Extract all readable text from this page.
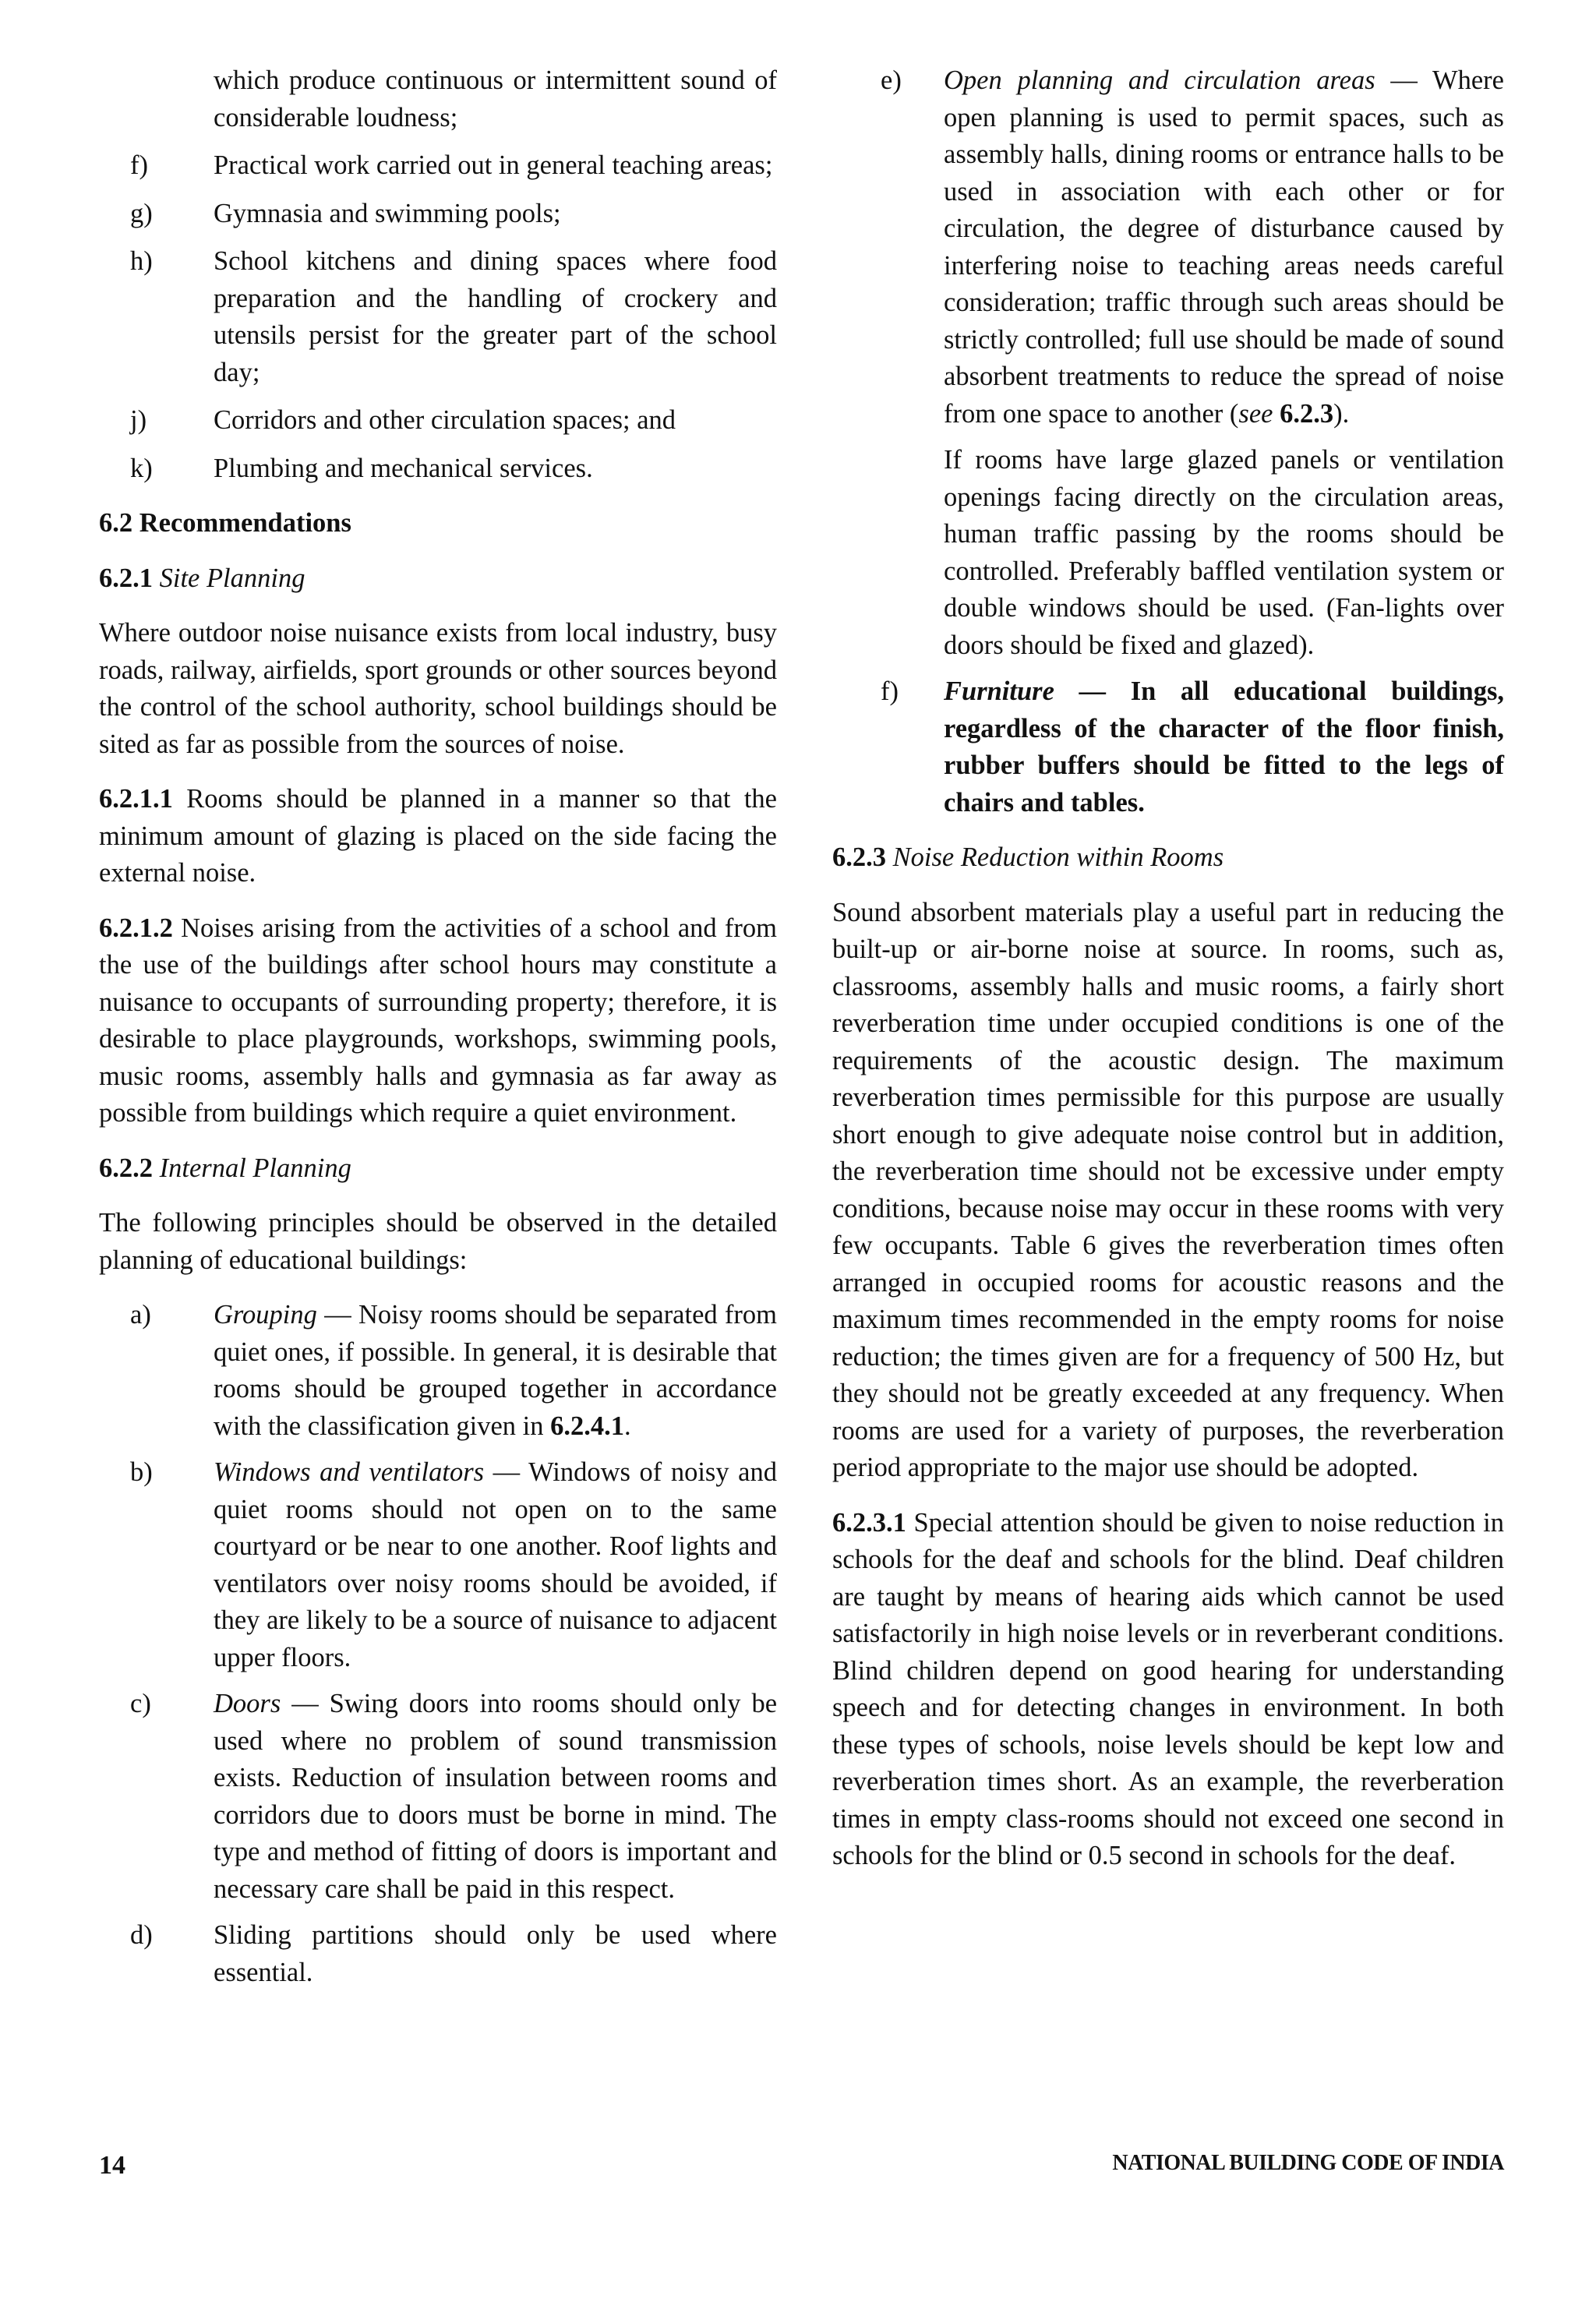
which produce continuous or intermittent sound of considerable loudness;

f) Practical work carried out in general teaching areas;

g) Gymnasia and swimming pools;

h) School kitchens and dining spaces where food preparation and the handling of crockery and utensils persist for the greater part of the school day;

j) Corridors and other circulation spaces; and

k) Plumbing and mechanical services.

6.2 Recommendations

6.2.1 Site Planning

Where outdoor noise nuisance exists from local industry, busy roads, railway, airfields, sport grounds or other sources beyond the control of the school authority, school buildings should be sited as far as possible from the sources of noise.

6.2.1.1 Rooms should be planned in a manner so that the minimum amount of glazing is placed on the side facing the external noise.

6.2.1.2 Noises arising from the activities of a school and from the use of the buildings after school hours may constitute a nuisance to occupants of surrounding property; therefore, it is desirable to place playgrounds, workshops, swimming pools, music rooms, assembly halls and gymnasia as far away as possible from buildings which require a quiet environment.

6.2.2 Internal Planning

The following principles should be observed in the detailed planning of educational buildings:

a) Grouping — Noisy rooms should be separated from quiet ones, if possible. In general, it is desirable that rooms should be grouped together in accordance with the classification given in 6.2.4.1.

b) Windows and ventilators — Windows of noisy and quiet rooms should not open on to the same courtyard or be near to one another. Roof lights and ventilators over noisy rooms should be avoided, if they are likely to be a source of nuisance to adjacent upper floors.

c) Doors — Swing doors into rooms should only be used where no problem of sound transmission exists. Reduction of insulation between rooms and corridors due to doors must be borne in mind. The type and method of fitting of doors is important and necessary care shall be paid in this respect.

d) Sliding partitions should only be used where essential.

e) Open planning and circulation areas — Where open planning is used to permit spaces, such as assembly halls, dining rooms or entrance halls to be used in association with each other or for circulation, the degree of disturbance caused by interfering noise to teaching areas needs careful consideration; traffic through such areas should be strictly controlled; full use should be made of sound absorbent treatments to reduce the spread of noise from one space to another (see 6.2.3).

If rooms have large glazed panels or ventilation openings facing directly on the circulation areas, human traffic passing by the rooms should be controlled. Preferably baffled ventilation system or double windows should be used. (Fan-lights over doors should be fixed and glazed).

f) Furniture — In all educational buildings, regardless of the character of the floor finish, rubber buffers should be fitted to the legs of chairs and tables.

6.2.3 Noise Reduction within Rooms

Sound absorbent materials play a useful part in reducing the built-up or air-borne noise at source. In rooms, such as, classrooms, assembly halls and music rooms, a fairly short reverberation time under occupied conditions is one of the requirements of the acoustic design. The maximum reverberation times permissible for this purpose are usually short enough to give adequate noise control but in addition, the reverberation time should not be excessive under empty conditions, because noise may occur in these rooms with very few occupants. Table 6 gives the reverberation times often arranged in occupied rooms for acoustic reasons and the maximum times recommended in the empty rooms for noise reduction; the times given are for a frequency of 500 Hz, but they should not be greatly exceeded at any frequency. When rooms are used for a variety of purposes, the reverberation period appropriate to the major use should be adopted.

6.2.3.1 Special attention should be given to noise reduction in schools for the deaf and schools for the blind. Deaf children are taught by means of hearing aids which cannot be used satisfactorily in high noise levels or in reverberant conditions. Blind children depend on good hearing for understanding speech and for detecting changes in environment. In both these types of schools, noise levels should be kept low and reverberation times short. As an example, the reverberation times in empty class-rooms should not exceed one second in schools for the blind or 0.5 second in schools for the deaf.

14	NATIONAL BUILDING CODE OF INDIA
